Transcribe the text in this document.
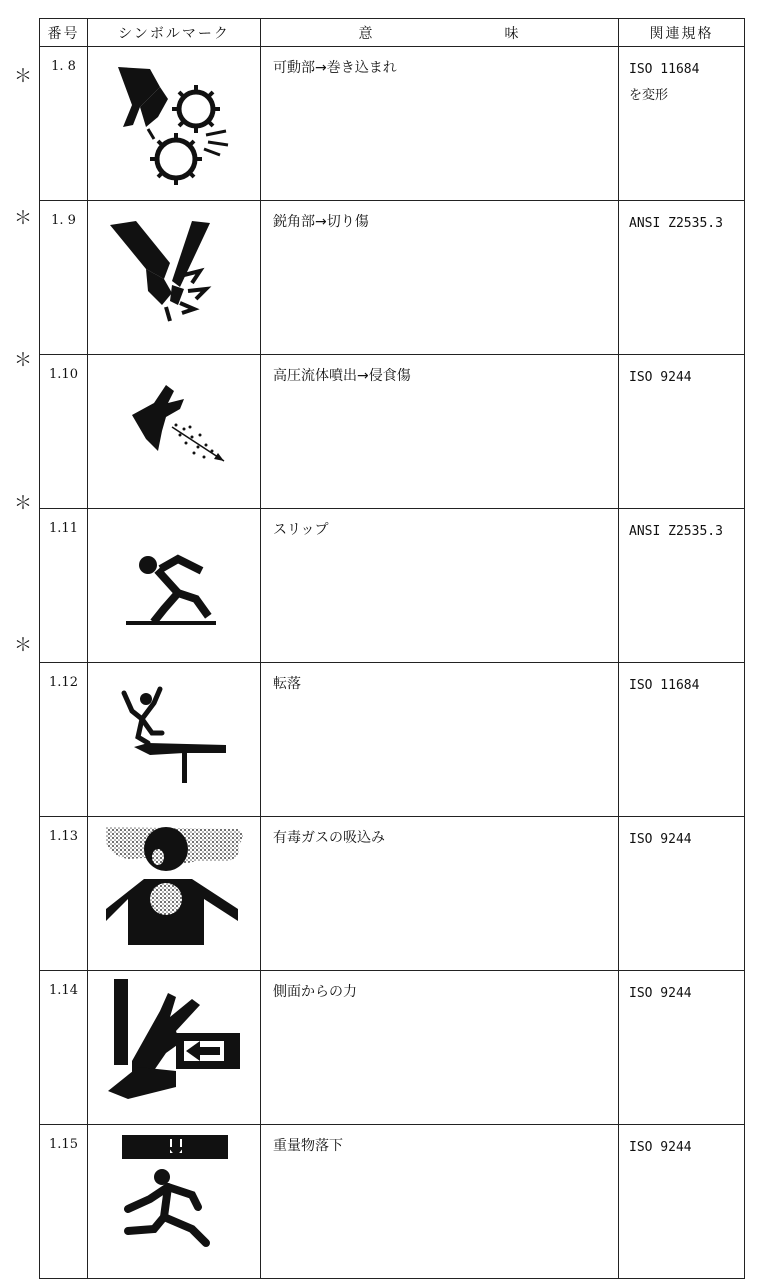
＊
＊
＊
＊
＊
番号	シンボルマーク	意 味	関連規格
1. 8		可動部→巻き込まれ	ISO 11684
を変形
1. 9		鋭角部→切り傷	ANSI Z2535.3
1.10		高圧流体噴出→侵食傷	ISO 9244
1.11		スリップ	ANSI Z2535.3
1.12		転落	ISO 11684
1.13		有毒ガスの吸込み	ISO 9244
1.14		側面からの力	ISO 9244
1.15		重量物落下	ISO 9244
